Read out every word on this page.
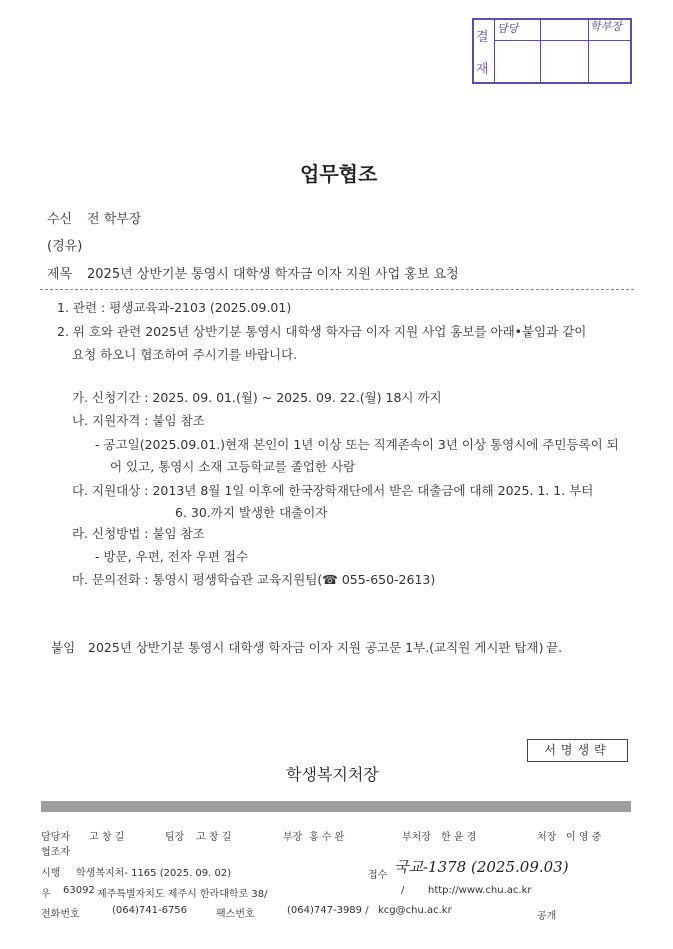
결
재
담당	학부장
업무협조
수신 전 학부장
(경유)
제목 2025년 상반기분 통영시 대학생 학자금 이자 지원 사업 홍보 요청
1. 관련 : 평생교육과-2103 (2025.09.01)
2. 위 호와 관련 2025년 상반기분 통영시 대학생 학자금 이자 지원 사업 홍보를 아래•붙임과 같이
요청 하오니 협조하여 주시기를 바랍니다.
가. 신청기간 : 2025. 09. 01.(월) ~ 2025. 09. 22.(월) 18시 까지
나. 지원자격 : 붙임 참조
- 공고일(2025.09.01.)현재 본인이 1년 이상 또는 직계존속이 3년 이상 통영시에 주민등록이 되
어 있고, 통영시 소재 고등학교를 졸업한 사람
다. 지원대상 : 2013년 8월 1일 이후에 한국장학재단에서 받은 대출금에 대해 2025. 1. 1. 부터
6. 30.까지 발생한 대출이자
라. 신청방법 : 붙임 참조
- 방문, 우편, 전자 우편 접수
마. 문의전화 : 통영시 평생학습관 교육지원팀(☎ 055-650-2613)
붙임 2025년 상반기분 통영시 대학생 학자금 이자 지원 공고문 1부.(교직원 게시판 탑재) 끝.
서명생략
학생복지처장
담당자 고 창 길	팀장 고 창 길	부장 홍 수 완	부처장 한 윤 경	처장 이 영 중
협조자
시행 학생복지처- 1165 (2025. 09. 02)	접수 국교-1378 (2025.09.03)
우 63092 제주특별자치도 제주시 한라대학로 38/	/ http://www.chu.ac.kr
전화번호	(064)741-6756	팩스번호	(064)747-3989 / kcg@chu.ac.kr
공개
